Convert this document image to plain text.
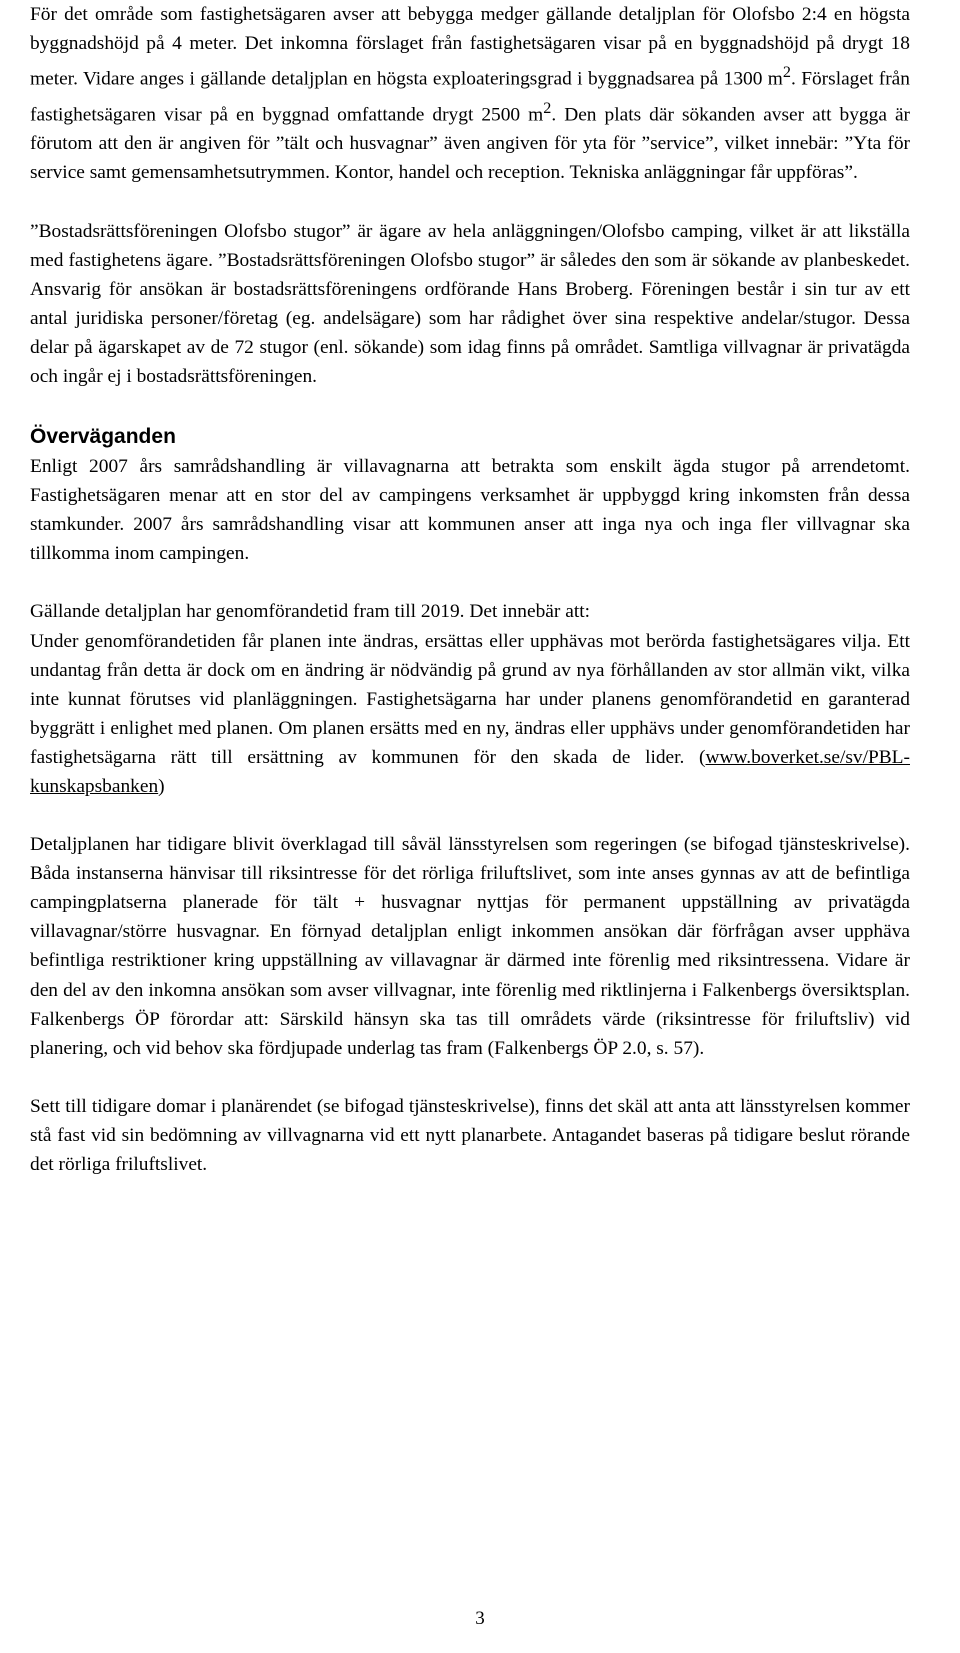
För det område som fastighetsägaren avser att bebygga medger gällande detaljplan för Olofsbo 2:4 en högsta byggnadshöjd på 4 meter. Det inkomna förslaget från fastighetsägaren visar på en byggnadshöjd på drygt 18 meter. Vidare anges i gällande detaljplan en högsta exploateringsgrad i byggnadsarea på 1300 $m^2$. Förslaget från fastighetsägaren visar på en byggnad omfattande drygt 2500 $m^2$. Den plats där sökanden avser att bygga är förutom att den är angiven för ”tält och husvagnar” även angiven för yta för ”service”, vilket innebär: ”Yta för service samt gemensamhetsutrymmen. Kontor, handel och reception. Tekniska anläggningar får uppföras”.

”Bostadsrättsföreningen Olofsbo stugor” är ägare av hela anläggningen/Olofsbo camping, vilket är att likställa med fastighetens ägare. ”Bostadsrättsföreningen Olofsbo stugor” är således den som är sökande av planbeskedet. Ansvarig för ansökan är bostadsrättsföreningens ordförande Hans Broberg. Föreningen består i sin tur av ett antal juridiska personer/företag (eg. andelsägare) som har rådighet över sina respektive andelar/stugor. Dessa delar på ägarskapet av de 72 stugor (enl. sökande) som idag finns på området. Samtliga villvagnar är privatägda och ingår ej i bostadsrättsföreningen.

Överväganden

Enligt 2007 års samrådshandling är villavagnarna att betrakta som enskilt ägda stugor på arrendetomt. Fastighetsägaren menar att en stor del av campingens verksamhet är uppbyggd kring inkomsten från dessa stamkunder. 2007 års samrådshandling visar att kommunen anser att inga nya och inga fler villvagnar ska tillkomma inom campingen.

Gällande detaljplan har genomförandetid fram till 2019. Det innebär att:

Under genomförandetiden får planen inte ändras, ersättas eller upphävas mot berörda fastighetsägares vilja. Ett undantag från detta är dock om en ändring är nödvändig på grund av nya förhållanden av stor allmän vikt, vilka inte kunnat förutses vid planläggningen. Fastighetsägarna har under planens genomförandetid en garanterad byggrätt i enlighet med planen. Om planen ersätts med en ny, ändras eller upphävs under genomförandetiden har fastighetsägarna rätt till ersättning av kommunen för den skada de lider. (www.boverket.se/sv/PBL-kunskapsbanken)

Detaljplanen har tidigare blivit överklagad till såväl länsstyrelsen som regeringen (se bifogad tjänsteskrivelse). Båda instanserna hänvisar till riksintresse för det rörliga friluftslivet, som inte anses gynnas av att de befintliga campingplatserna planerade för tält + husvagnar nyttjas för permanent uppställning av privatägda villavagnar/större husvagnar. En förnyad detaljplan enligt inkommen ansökan där förfrågan avser upphäva befintliga restriktioner kring uppställning av villavagnar är därmed inte förenlig med riksintressena. Vidare är den del av den inkomna ansökan som avser villvagnar, inte förenlig med riktlinjerna i Falkenbergs översiktsplan. Falkenbergs ÖP förordar att: Särskild hänsyn ska tas till områdets värde (riksintresse för friluftsliv) vid planering, och vid behov ska fördjupade underlag tas fram (Falkenbergs ÖP 2.0, s. 57).

Sett till tidigare domar i planärendet (se bifogad tjänsteskrivelse), finns det skäl att anta att länsstyrelsen kommer stå fast vid sin bedömning av villvagnarna vid ett nytt planarbete. Antagandet baseras på tidigare beslut rörande det rörliga friluftslivet.

3
